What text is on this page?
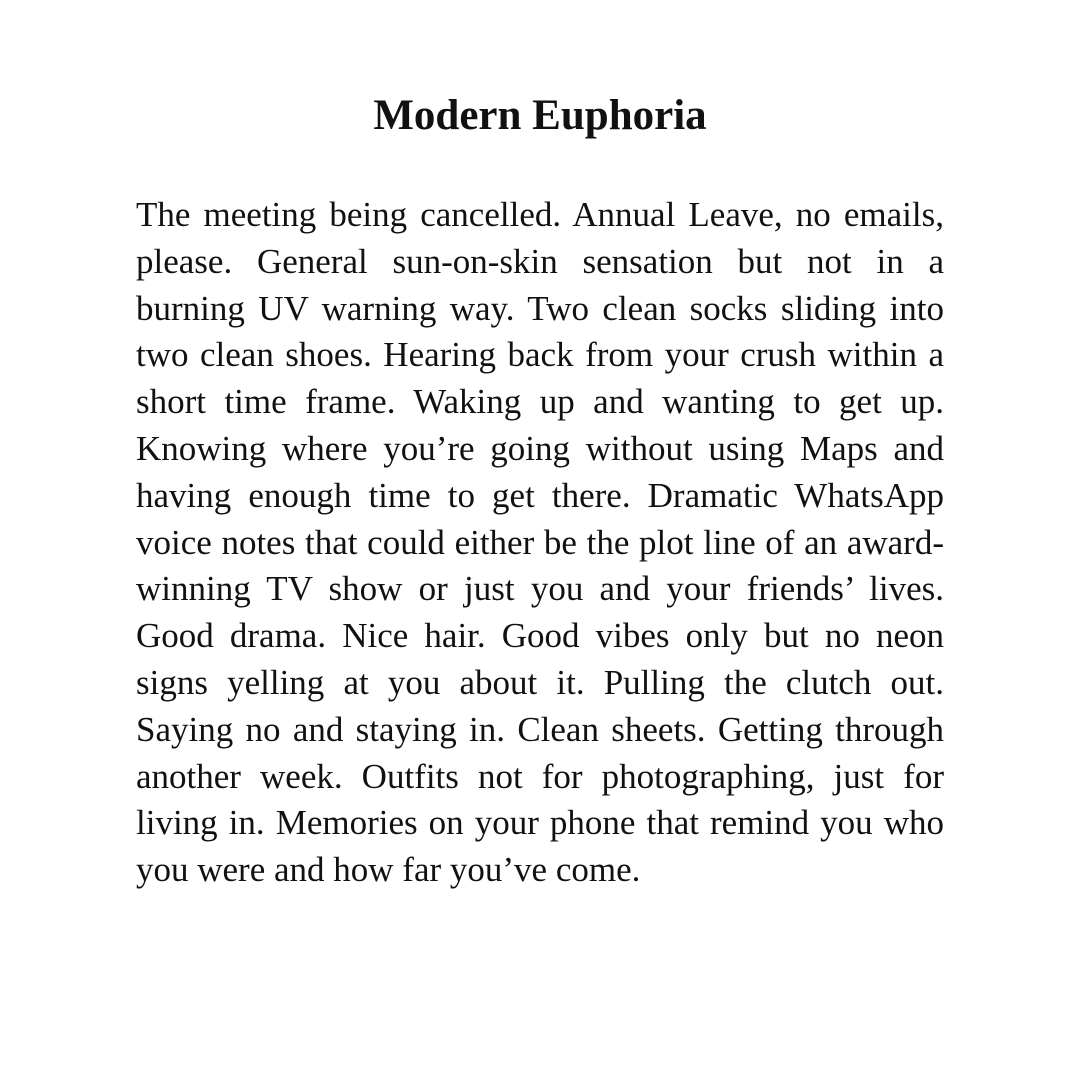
Modern Euphoria

The meeting being cancelled. Annual Leave, no emails, please. General sun-on-skin sensation but not in a burning UV warning way. Two clean socks sliding into two clean shoes. Hearing back from your crush within a short time frame. Waking up and wanting to get up. Knowing where you’re going without using Maps and having enough time to get there. Dramatic WhatsApp voice notes that could either be the plot line of an award-winning TV show or just you and your friends’ lives. Good drama. Nice hair. Good vibes only but no neon signs yelling at you about it. Pulling the clutch out. Saying no and staying in. Clean sheets. Getting through another week. Outfits not for photographing, just for living in. Memories on your phone that remind you who you were and how far you’ve come.
